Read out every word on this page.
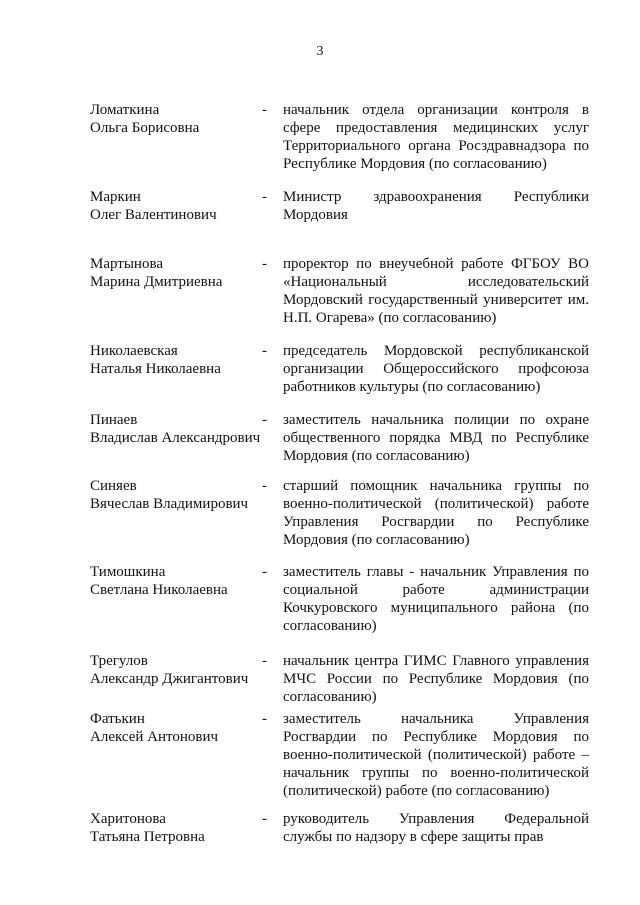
3
Ломаткина
Ольга Борисовна
-	начальник отдела организации контроля в сфере предоставления медицинских услуг Территориального органа Росздравнадзора по Республике Мордовия (по согласованию)
Маркин
Олег Валентинович
-	Министр здравоохранения Республики Мордовия
Мартынова
Марина Дмитриевна
-	проректор по внеучебной работе ФГБОУ ВО «Национальный исследовательский Мордовский государственный университет им. Н.П. Огарева» (по согласованию)
Николаевская
Наталья Николаевна
-	председатель Мордовской республиканской организации Общероссийского профсоюза работников культуры (по согласованию)
Пинаев
Владислав Александрович
-	заместитель начальника полиции по охране общественного порядка МВД по Республике Мордовия (по согласованию)
Синяев
Вячеслав Владимирович
-	старший помощник начальника группы по военно-политической (политической) работе Управления Росгвардии по Республике Мордовия (по согласованию)
Тимошкина
Светлана Николаевна
-	заместитель главы - начальник Управления по социальной работе администрации Кочкуровского муниципального района (по согласованию)
Трегулов
Александр Джигантович
-	начальник центра ГИМС Главного управления МЧС России по Республике Мордовия (по согласованию)
Фатькин
Алексей Антонович
-	заместитель начальника Управления Росгвардии по Республике Мордовия по военно-политической (политической) работе – начальник группы по военно-политической (политической) работе (по согласованию)
Харитонова
Татьяна Петровна
-	руководитель Управления Федеральной службы по надзору в сфере защиты прав
